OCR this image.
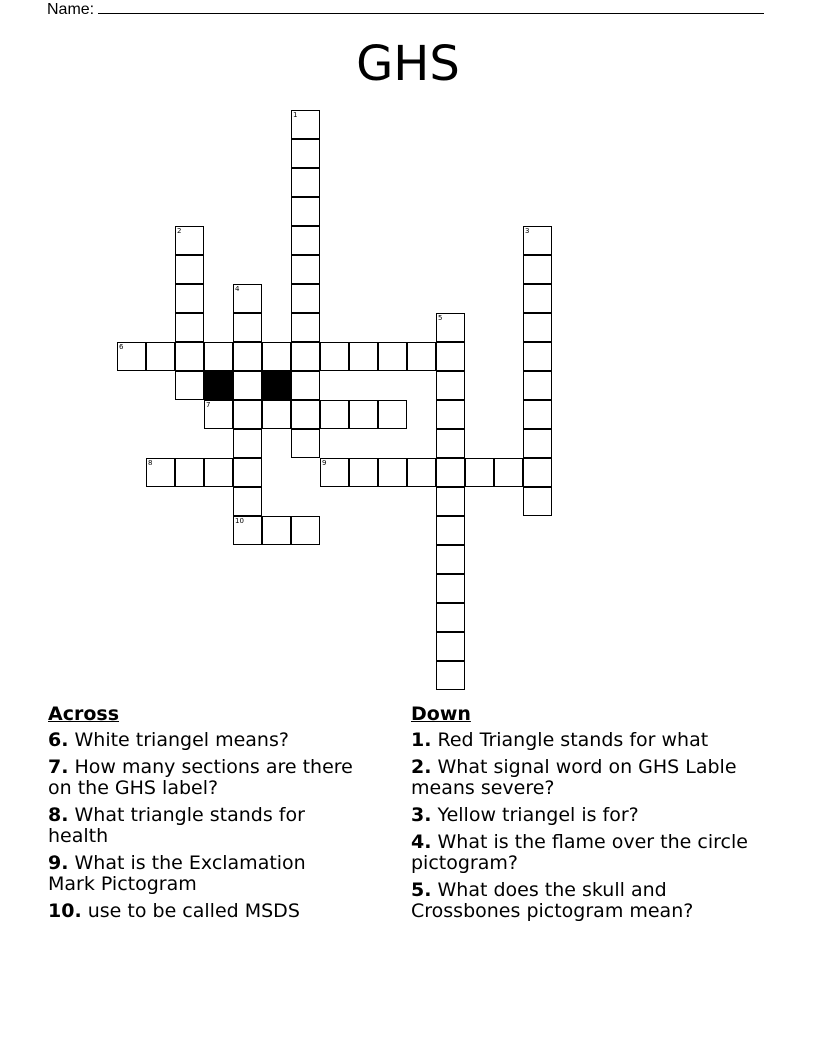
Name:
GHS
1
2	3
4
10
5
6
7
8	9
Across
6. White triangel means?
7. How many sections are there on the GHS label?
8. What triangle stands for health
9. What is the Exclamation Mark Pictogram
10. use to be called MSDS
Down
1. Red Triangle stands for what
2. What signal word on GHS Lable means severe?
3. Yellow triangel is for?
4. What is the flame over the circle pictogram?
5. What does the skull and Crossbones pictogram mean?
